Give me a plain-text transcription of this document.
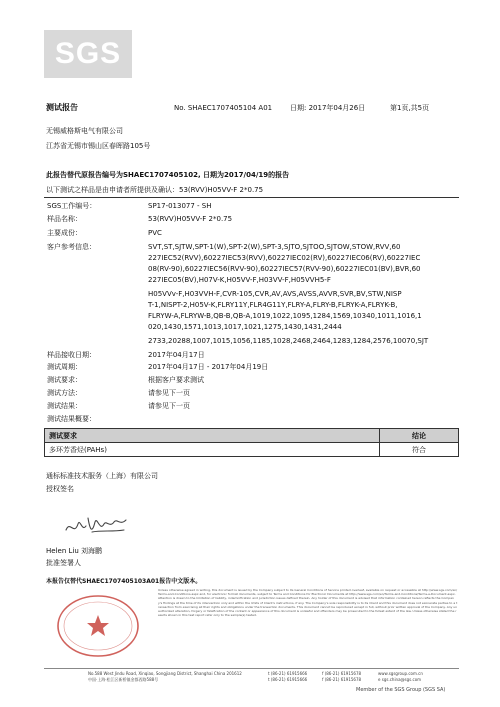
SGS
测试报告	No. SHAEC1707405104 A01	日期: 2017年04月26日	第1页,共5页
无锡威格斯电气有限公司
江苏省无锡市锡山区春晖路105号
此报告替代原报告编号为SHAEC1707405102, 日期为2017/04/19的报告
以下测试之样品是由申请者所提供及确认：53(RVV)H05VV-F 2*0.75
SGS工作编号：	SP17-013077 - SH
样品名称：	53(RVV)H05VV-F 2*0.75
主要成份：	PVC
客户参考信息：	SVT,ST,SJTW,SPT-1(W),SPT-2(W),SPT-3,SJTO,SJTOO,SJTOW,STOW,RVV,60
227IEC52(RVV),60227IEC53(RVV),60227IEC02(RV),60227IEC06(RV),60227IEC
08(RV-90),60227IEC56(RVV-90),60227IEC57(RVV-90),60227IEC01(BV),BVR,60
227IEC05(BV),H07V-K,H05VV-F,H03VV-F,H05VVH5-F
H05VVv-F,H03VVH-F,CVR-105,CVR,AV,AVS,AVSS,AVVR,SVR,BV,STW,NISP
T-1,NISPT-2,H05V-K,FLRY11Y,FLR4G11Y,FLRY-A,FLRY-B,FLRYK-A,FLRYK-B,
FLRYW-A,FLRYW-B,QB-B,QB-A,1019,1022,1095,1284,1569,10340,1011,1016,1
020,1430,1571,1013,1017,1021,1275,1430,1431,2444
2733,20288,1007,1015,1056,1185,1028,2468,2464,1283,1284,2576,10070,SJT
样品接收日期：	2017年04月17日
测试周期：	2017年04月17日 - 2017年04月19日
测试要求：	根据客户要求测试
测试方法：	请参见下一页
测试结果：	请参见下一页
测试结果概要：
测试要求	结论
多环芳香烃(PAHs)	符合
通标标准技术服务（上海）有限公司
授权签名
Helen Liu 刘海鹏
批准签署人
本报告仅替代SHAEC1707405103A01报告中文版本。
Unless otherwise agreed in writing, this document is issued by the Company subject to its General Conditions of Service printed overleaf, available on request or accessible at http://www.sgs.com/en/Terms-and-Conditions.aspx and, for electronic format documents, subject to Terms and Conditions for Electronic Documents at http://www.sgs.com/en/Terms-and-Conditions/Terms-e-Document.aspx. Attention is drawn to the limitation of liability, indemnification and jurisdiction issues defined therein. Any holder of this document is advised that information contained hereon reflects the Company's findings at the time of its intervention only and within the limits of Client's instructions, if any. The Company's sole responsibility is to its Client and this document does not exonerate parties to a transaction from exercising all their rights and obligations under the transaction documents. This document cannot be reproduced except in full, without prior written approval of the Company. Any unauthorized alteration, forgery or falsification of the content or appearance of this document is unlawful and offenders may be prosecuted to the fullest extent of the law. Unless otherwise stated the results shown in this test report refer only to the sample(s) tested.
No.588 West Jindu Road, Xinqiao, Songjiang District, Shanghai China 201612
中国·上海·松江区新桥镇金都西路588号
t (86-21) 61915666
t (86-21) 61915666
f (86-21) 61915678
f (86-21) 61915678
www.sgsgroup.com.cn
e sgs.china@sgs.com
Member of the SGS Group (SGS SA)
